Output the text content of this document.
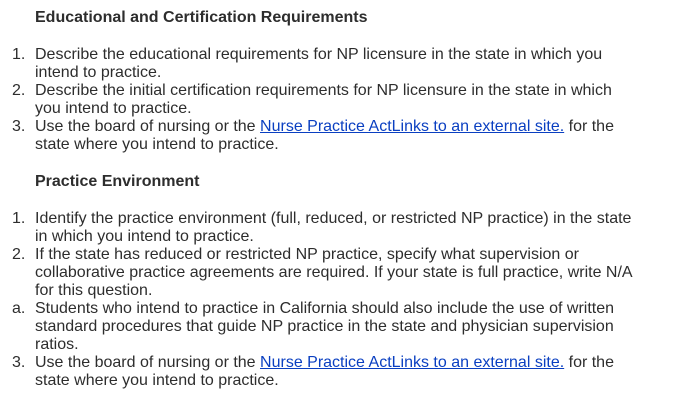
Educational and Certification Requirements
1. Describe the educational requirements for NP licensure in the state in which you intend to practice.
2. Describe the initial certification requirements for NP licensure in the state in which you intend to practice.
3. Use the board of nursing or the Nurse Practice ActLinks to an external site. for the state where you intend to practice.
Practice Environment
1. Identify the practice environment (full, reduced, or restricted NP practice) in the state in which you intend to practice.
2. If the state has reduced or restricted NP practice, specify what supervision or collaborative practice agreements are required. If your state is full practice, write N/A for this question.
a. Students who intend to practice in California should also include the use of written standard procedures that guide NP practice in the state and physician supervision ratios.
3. Use the board of nursing or the Nurse Practice ActLinks to an external site. for the state where you intend to practice.
